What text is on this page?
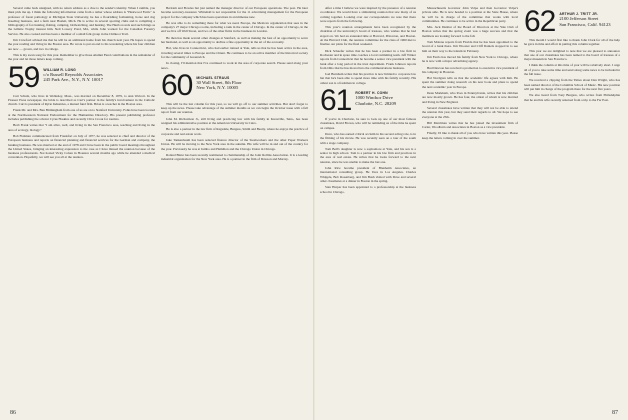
Several came back unsigned, with no return address as a clue to the sender's identity. When I ramble, you must pick me up. I think the following information came from a rather whose address is "Heatwood Farm." A professor of forest pathology at Michigan State University, he has a flourishing foxhunting, horse and dog breeding business, and a farm near Haslett, Mich. He is active in several sporting clubs and is compiling a bibliography of fox hunting, fishing, camping, birdwatching, and hunting. The Harris novels and such things as the Gillette Trophy interest him. Neil Lowery Pond, Md., while John worked for the Canadian Forestry Service. He also cooked and has been a member of a small folk group in the Chilkoot Trail.

Jim Crawford advised me that he will be an additional home from his church next year. He hopes to spend the year reading and living in the Boston area. He wrote to put an end to his wondering where his four children are now — grown, and two in college.

This is my swan song for this year. Remember to give those Alumni Fund contributions in the remainder of the year and let those letters keep coming.

59 WILLIAM R. LONG
c/o Russell Reynolds Associates
245 Park Ave., N.Y., N.Y. 10017

Curt Schulz, who lives in Wellesley, Mass., was married on December 8, 1979, to Ann Walcott. In the Pioneer Press newspaper, the bride is described as Curt's partner in the family's involvement in the Catholic church. Curt is president of Ryrie Industries, a mutual fund firm. Brian is a teacher in the Boston area.

Frank Mr. and Mrs. Ben Birmingham from one of us are on to Stanford University. Folks have been located at the Northwestern National Endowment for the Humanities Directory. His present publishing professor includes publishing the scholar Cyrus Hoskins and recently Clive Crook for tourists.

Herb Frank writes that "I am alive, well, and living in the San Francisco area, teaching and living in the area of ecology, biology."

Bob Fishman communicated from Frankfort on July of 1977, he was selected to chief and director of the European business and reports on financial planning and financial services for the German and company, the banking business. He was married at the end of 1978 and I have been in the public board meetings throughout the United States, bringing an interesting expression to the case as I have missed the reunion because of the business professionals. Not hosted Vicky Cohen in Houston several months ago while he attended a medical convention. Hopefully, we will see you all at the reunion.

Bertram and Bowles but just named the manager director of our European operations. The post. He later became secretary-treasurer. Whitehall is not responsible for the 11 advertising management for the European project for the company which has been operations in an immense new.

He was able to do something there for what we need. Europe, the Mexican organization that sees in the company's 27 major Chicago rooms, including a tank in the center of Chicago. In the center of Chicago, in the end we live off Wall Street, and two of the other firms in the business in London.

He then has made several other changes at Stanford, as well as making the best of an opportunity to serve her husband, as well as an opportunity to decline a fine opportunity in the art of the economy.

Hal, who lives in Connecticut, who had earlier trained at Yale, tells us that he has been active in the area, traveling several times to Europe and the Orient. He continues to be an active member of the historical society for the community of Greenwich.

In closing, I'll mention that I've continued to work in the area of corporate search. Please send along your news.

60 MICHAEL STRAUS
30 Wall Street, 8th Floor
New York, N.Y. 10005

This will be the last column for this year, so we will go off to our summer activities. But don't forget to keep up the news. Please take advantage of the summer months as we can begin the October issue with a full report from our reunion.

John M. Richardson Jr., still living and practicing law with his family in Knoxville, Tenn., has been resigned his administrative position at the American University in Cairo.

He is also a partner in the law firm of Ragsdale, Burgess, Smith and Beatty, where he enjoys the practice of corporate and real estate work.

Jake Tankenbaum has been selected finance director of the Steelworkers and the other Paper Workers Union. He will be moving to the New York area in the autumn. His wife will be in and out of the country for the year. Previously he was at Jumbo and Hamilton and the Chicago Union in Chicago.

Roland Blenc has been recently nominated to chairmanship of the Joint Rollins Association. It is a leading industrial organization for the New York area. He is a partner in the firm of Dawson and Murray.

86

After a time I believe we were inspired by the presence of a reunion coordinator. We would have a stimulating reunion that saw many of us coming together. Looking over our correspondents we note that there were reports from the following.

This year's reunion arrangements have been recognized by the chairman of the university's board of trustees, who wishes that he had stayed on. We had an extended time at Harvard, Princeton, and Boston. At the Harvard Club, the reunion committee for the class of 1960 met to finalize our plans for the final weekend.

Dick Schaefer writes that he has been a partner in a law firm in Rochester and in spare time coaches a local swimming team. Jeff Winter reports from Connecticut that he became a senior vice president with the bank after a long period in the trust department. Frank Johnson reports from Ohio that he has moved into the communications business.

Joel Burnham writes that his practice is now limited to corporate law but that he's been able to spend more time with his family recently. His oldest son is a freshman in college.

61 ROBERT H. COHN
1000 Windsor Drive
Charlotte, N.C. 28209

If you're in Charlotte, be sure to look up one of our most famous classmates, David Brown, who will be reminding us of the time he spent on campus.

Dave, who has earned critical acclaim in his second acting role, is in the filming of his movie. He was recently seen on a tour of the south with a stage company.

Tom Bell's daughter is now a sophomore at Yale, and his son is a senior in high school. Tom is a partner in his law firm and practices in the area of real estate. He writes that he looks forward to the next reunion, since he was unable to make the last one.

John Rice became president of Blenheim Associates, an international consulting group. He lives in Los Angeles. Charles Whipple, Bob Rosenberg, and Jim Bush visited with Dave and several other classmates at a dinner in Boston in the spring.

Stan Harper has been appointed to a professorship at the business school in Chicago.

Massachusetts Governor John Volpe and then Governor Volpe's private aide. He is now headed to a position at the State House, where he will be in charge of the committee that works with local communities. He continues to be active in the Republican party.

Mrs. Jack Dunbar of the Board of Directors at the Yale Club of Boston writes that the spring event was a huge success and that the members are looking forward to the fall.

Tom Malone reports from Florida that he has been appointed to the board of a bank there. Jim Wooster and Cliff Daniels stopped in to see him on their way to the islands in February.

Jim Ferris has moved his family from New York to Chicago, where he is now with a major advertising agency.

Bud Dawson has received a promotion to executive vice president of his company in Houston.

Hal Nordgren tells us that the academic life agrees with him. He spent the summer doing research on his new book and plans to spend the next academic year in Europe.

Dean Markham, who lives in Pennsylvania, writes that his children are now mostly grown. He has four, the oldest of whom is now married and living in New England.

Several classmates have written that they will not be able to attend the reunion this year, but they send their regards to all. We hope to see everyone at the 25th.

Bill Merriman writes that he has joined the investment firm of Carter, Woodburn and Associates in Boston as a vice president.

Finally, I'd like to thank all of you who have written this year. Please keep the letters coming in over the summer.

62 ARTHUR J. TRITT JR.
2100 Jefferson Street
San Francisco, Calif. 94123

This month I would first like to thank John Clark for all of the help he gave in time and effort in putting this column together.

This year we are delighted to note that we are pleased to announce that one of our classmates has been named to the board of trustees of a major museum in San Francisco.

I think the column at this time of year will be relatively short. I urge all of you to take some time and send along some news to be included in the fall issue.

We received a clipping from the Times about Dan Wright, who has been named director of the Columbia School of Music. His new position will put him in charge of the program there for the next five years.

We also heard from Tony Burgess, who writes from Philadelphia that he and his wife recently returned from a trip to the Far East.

87
